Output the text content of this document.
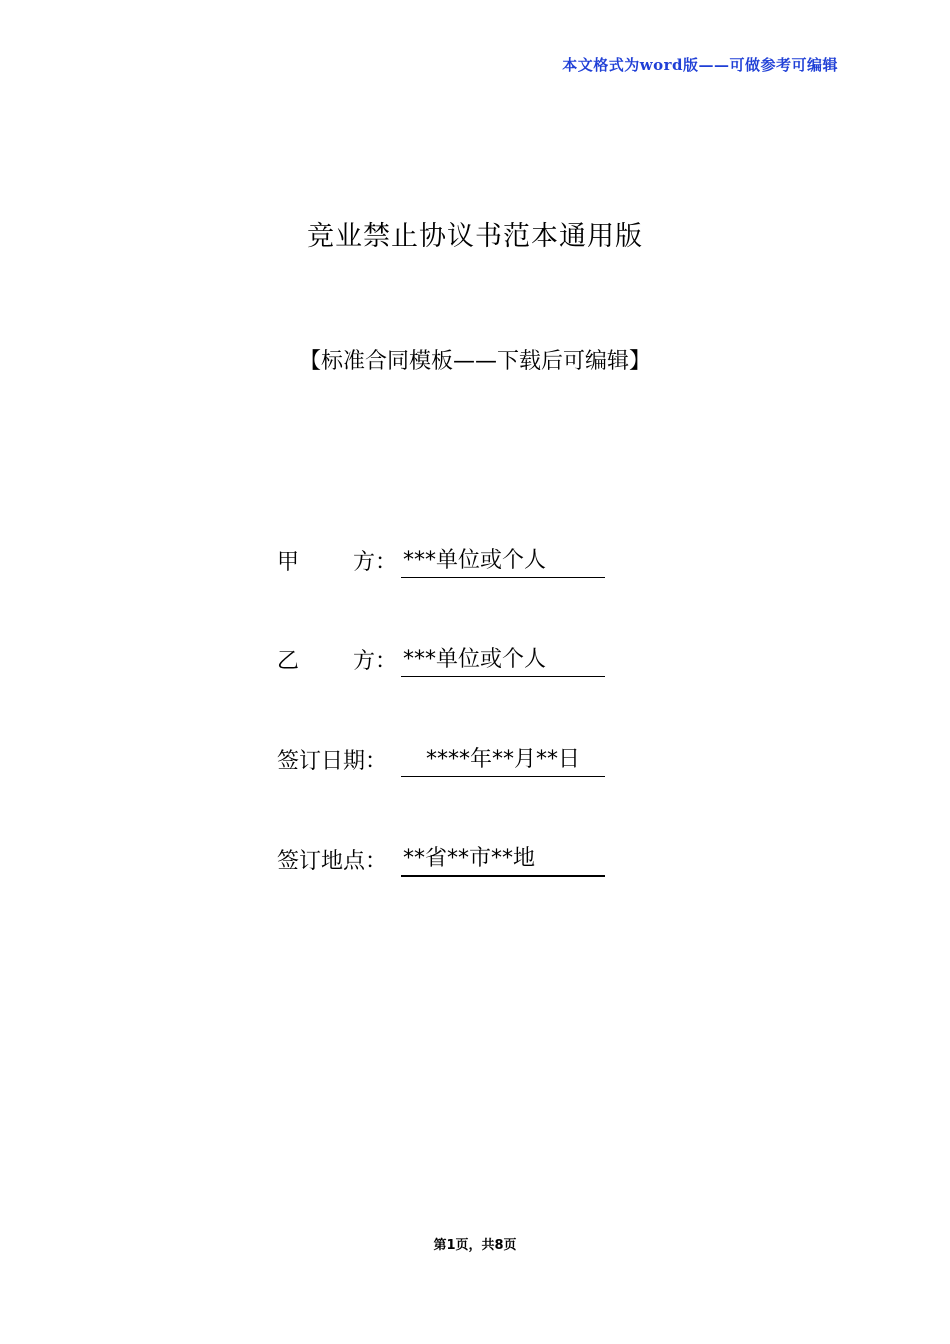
本文格式为word版——可做参考可编辑
竞业禁止协议书范本通用版
【标准合同模板——下载后可编辑】
甲 方： ***单位或个人
乙 方： ***单位或个人
签订日期：	****年**月**日
签订地点： **省**市**地
第1页，共8页
